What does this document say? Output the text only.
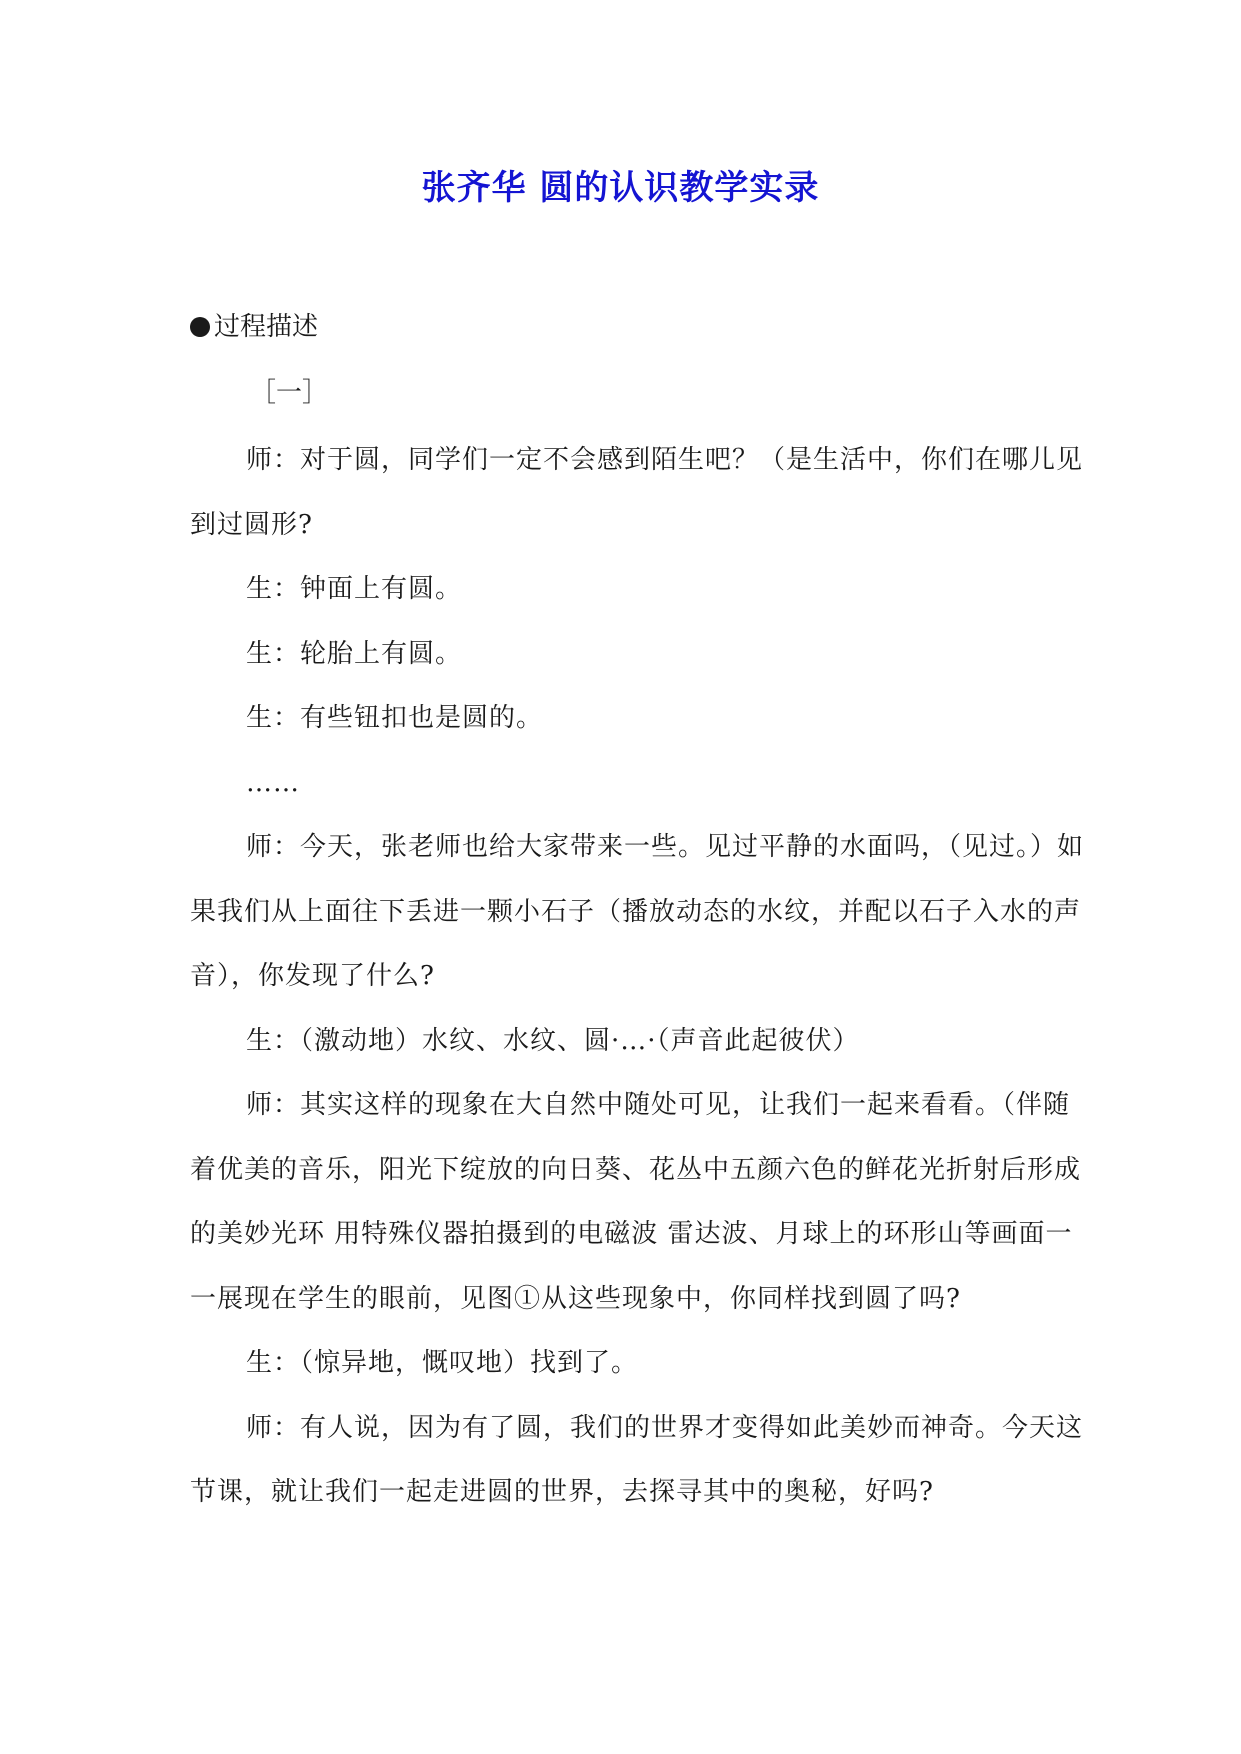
张齐华 圆的认识教学实录
过程描述
［一］

师：对于圆，同学们一定不会感到陌生吧？（是生活中，你们在哪儿见到过圆形?

生：钟面上有圆。

生：轮胎上有圆。

生：有些钮扣也是圆的。

……

师：今天，张老师也给大家带来一些。见过平静的水面吗，（见过。）如果我们从上面往下丢进一颗小石子（播放动态的水纹，并配以石子入水的声音），你发现了什么?

生：（激动地）水纹、水纹、圆·…·（声音此起彼伏）

师：其实这样的现象在大自然中随处可见，让我们一起来看看。（伴随着优美的音乐，阳光下绽放的向日葵、花丛中五颜六色的鲜花光折射后形成的美妙光环 用特殊仪器拍摄到的电磁波 雷达波、月球上的环形山等画面一一展现在学生的眼前，见图①从这些现象中，你同样找到圆了吗?

生：（惊异地，慨叹地）找到了。

师：有人说，因为有了圆，我们的世界才变得如此美妙而神奇。今天这节课，就让我们一起走进圆的世界，去探寻其中的奥秘，好吗?
